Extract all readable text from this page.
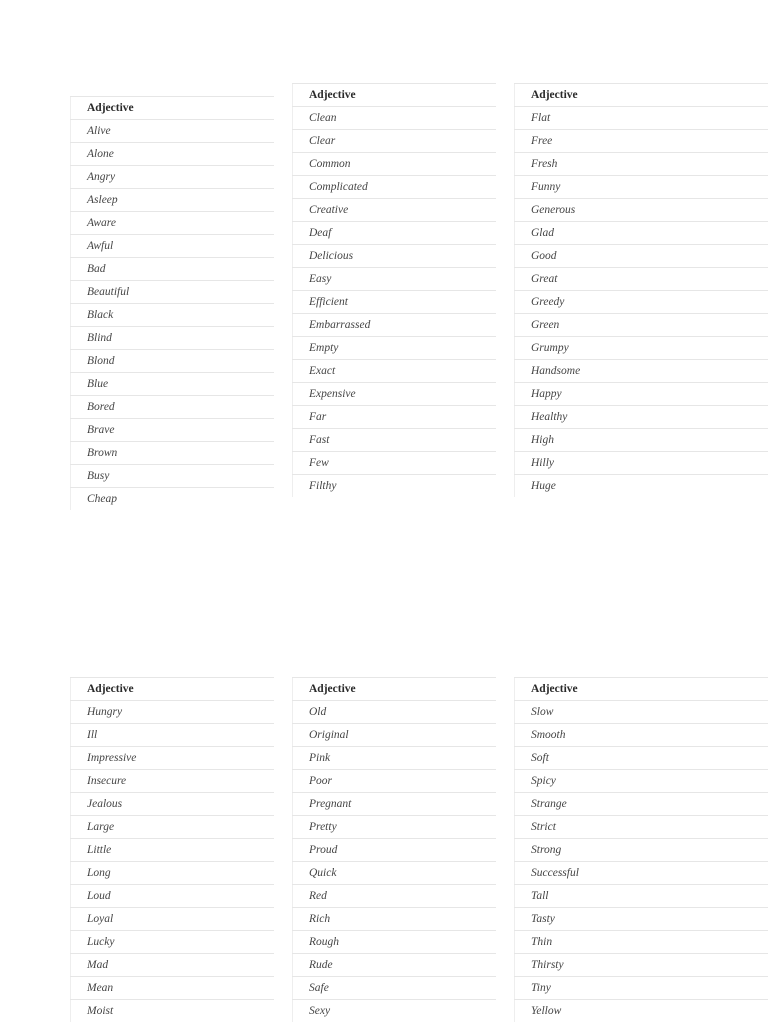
Adjective
Alive
Alone
Angry
Asleep
Aware
Awful
Bad
Beautiful
Black
Blind
Blond
Blue
Bored
Brave
Brown
Busy
Cheap
Adjective
Clean
Clear
Common
Complicated
Creative
Deaf
Delicious
Easy
Efficient
Embarrassed
Empty
Exact
Expensive
Far
Fast
Few
Filthy
Adjective
Flat
Free
Fresh
Funny
Generous
Glad
Good
Great
Greedy
Green
Grumpy
Handsome
Happy
Healthy
High
Hilly
Huge
Adjective
Hungry
Ill
Impressive
Insecure
Jealous
Large
Little
Long
Loud
Loyal
Lucky
Mad
Mean
Moist
Adjective
Old
Original
Pink
Poor
Pregnant
Pretty
Proud
Quick
Red
Rich
Rough
Rude
Safe
Sexy
Adjective
Slow
Smooth
Soft
Spicy
Strange
Strict
Strong
Successful
Tall
Tasty
Thin
Thirsty
Tiny
Yellow
